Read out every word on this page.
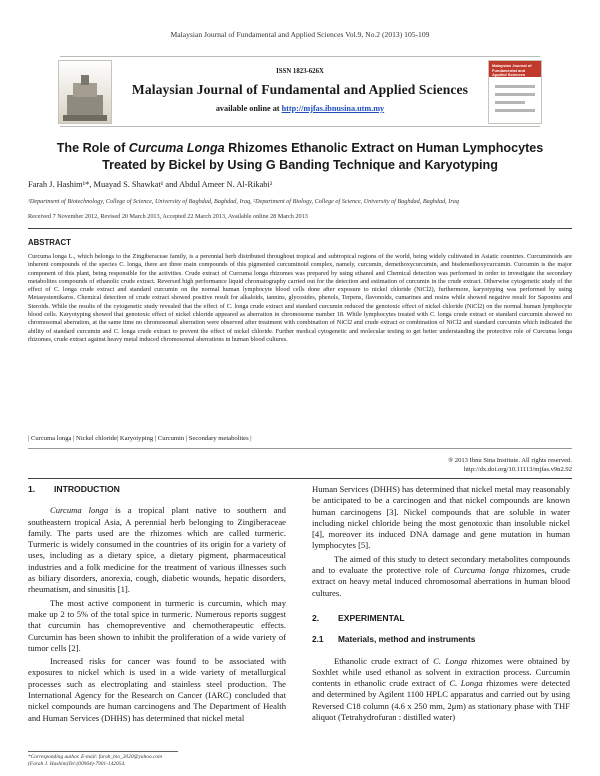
Malaysian Journal of Fundamental and Applied Sciences Vol.9, No.2 (2013) 105-109
ISSN 1823-626X
Malaysian Journal of Fundamental and Applied Sciences
available online at http://mjfas.ibnusina.utm.my
Malaysian Journal of Fundamental and Applied Sciences
The Role of Curcuma Longa Rhizomes Ethanolic Extract on Human Lymphocytes
Treated by Bickel by Using G Banding Technique and Karyotyping
Farah J. Hashim¹*, Muayad S. Shawkat¹ and Abdul Ameer N. Al-Rikabi²
¹Department of Biotechnology, College of Science, University of Baghdad, Baghdad, Iraq, ²Department of Biology, College of Science, University of Baghdad, Baghdad, Iraq
Received 7 November 2012, Revised 20 March 2013, Accepted 22 March 2013, Available online 28 March 2013
ABSTRACT
Curcuma longa L., which belongs to the Zingiberaceae family, is a perennial herb distributed throughout tropical and subtropical regions of the world, being widely cultivated in Asiatic countries. Curcuminoids are inherent compounds of the species C. longa, there are three main compounds of this pigmented curcuminoid complex, namely, curcumin, demethoxycurcumin, and bisdemethoxycurcumin. Curcumin is the major component of this plant, being responsible for the activities. Crude extract of Curcuma longa rhizomes was prepared by using ethanol and Chemical detection was performed in order to investigate the secondary metabolites compounds of ethanolic crude extract. Reversed high performance liquid chromatography carried out for the detection and estimation of curcumin in the crude extract. Otherwise cytogenetic study of the effect of C. longa crude extract and standard curcumin on the normal human lymphocyte blood cells done after exposure to nickel chloride (NiCl2), furthermore, karyotyping was performed by using Metasystemikaros. Chemical detection of crude extract showed positive result for alkaloids, tannins, glycosides, phenols, Terpens, flavonoids, cumarines and resins while showed negative result for Saponins and Steroids. While the results of the cytogenetic study revealed that the effect of C. longa crude extract and standard curcumin reduced the genotoxic effect of nickel chloride (NiCl2) on the normal human lymphocyte blood cells. Karyotyping showed that genotoxic effect of nickel chloride appeared as aberration in chromosome number 18. While lymphocytes treated with C. longa crude extract or standard curcumin showed no chromosomal aberration, at the same time no chromosomal aberration were observed after treatment with combination of NiCl2 and crude extract or combination of NiCl2 and standard curcumin which indicated the ability of standard curcumin and C. longa crude extract to prevent the effect of nickel chloride. Further medical cytogenetic and molecular testing to get better understanding the protective role of Curcuma longa rhizomes, crude extract against heavy metal induced chromosomal aberrations in human blood cultures.
| Curcuma longa | Nickel chloride| Karyotyping | Curcumin | Secondary metabolites |
® 2013 Ibnu Sina Institute. All rights reserved.
http://dx.doi.org/10.11113/mjfas.v9n2.92
1. INTRODUCTION

Curcuma longa is a tropical plant native to southern and southeastern tropical Asia, A perennial herb belonging to Zingiberaceae family. The parts used are the rhizomes which are called turmeric. Turmeric is widely consumed in the countries of its origin for a variety of uses, including as a dietary spice, a dietary pigment, pharmaceutical industries and a folk medicine for the treatment of various illnesses such as biliary disorders, anorexia, cough, diabetic wounds, hepatic disorders, rheumatism, and sinusitis [1].

The most active component in turmeric is curcumin, which may make up 2 to 5% of the total spice in turmeric. Numerous reports suggest that curcumin has chemopreventive and chemotherapeutic effects. Curcumin has been shown to inhibit the proliferation of a wide variety of tumor cells [2].

Increased risks for cancer was found to be associated with exposures to nickel which is used in a wide variety of metallurgical processes such as electroplating and stainless steel production. The International Agency for the Research on Cancer (IARC) concluded that nickel compounds are human carcinogens and The Department of Health and Human Services (DHHS) has determined that nickel metal

Human Services (DHHS) has determined that nickel metal may reasonably be anticipated to be a carcinogen and that nickel compounds are known human carcinogens [3]. Nickel compounds that are soluble in water including nickel chloride being the most genotoxic than insoluble nickel [4], moreover its induced DNA damage and gene mutation in human lymphocytes [5].

The aimed of this study to detect secondary metabolites compounds and to evaluate the protective role of Curcuma longa rhizomes, crude extract on heavy metal induced chromosomal aberrations in human blood cultures.

2. EXPERIMENTAL
2.1 Materials, method and instruments

Ethanolic crude extract of C. Longa rhizomes were obtained by Soxhlet while used ethanol as solvent in extraction process. Curcumin contents in ethanolic crude extract of C. Longa rhizomes were detected and determined by Agilent 1100 HPLC apparatus and carried out by using Reversed C18 column (4.6 x 250 mm, 2μm) as stationary phase with THF aliquot (Tetrahydrofuran : distilled water)

*Corresponding author. E-mail: farah_bio_2020@yahoo.com
(Farah J. Hashim)Tel:(00964)-7901-142054.
